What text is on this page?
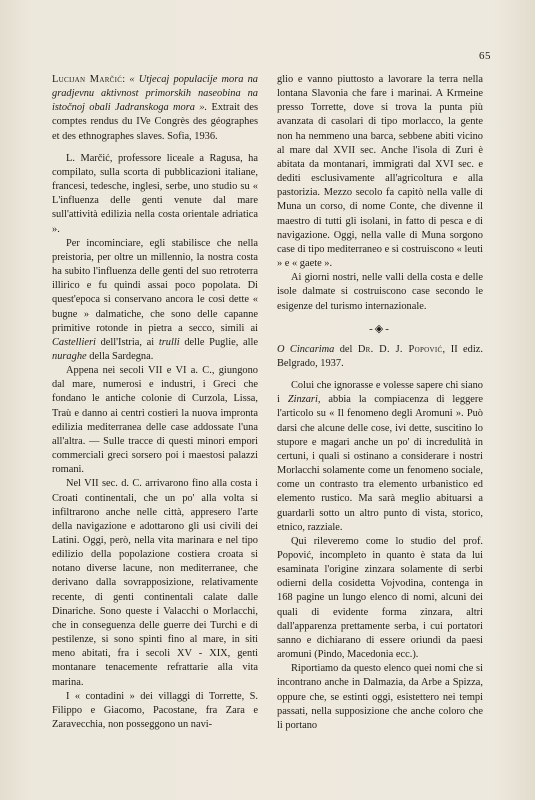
65

Lucijan Marčić: « Utjecaj populacije mora na gradjevnu aktivnost primorskih naseobina na istočnoj obali Jadranskoga mora ». Extrait des comptes rendus du IVe Congrès des géographes et des ethnographes slaves. Sofia, 1936.

L. Marčić, professore liceale a Ragusa, ha compilato, sulla scorta di pubblicazioni italiane, francesi, tedesche, inglesi, serbe, uno studio su « L'influenza delle genti venute dal mare sull'attività edilizia nella costa orientale adriatica ».

Per incominciare, egli stabilisce che nella preistoria, per oltre un millennio, la nostra costa ha subito l'influenza delle genti del suo retroterra illirico e fu quindi assai poco popolata. Di quest'epoca si conservano ancora le così dette « bugne » dalmatiche, che sono delle capanne primitive rotonde in pietra a secco, simili ai Castellieri dell'Istria, ai trulli delle Puglie, alle nuraghe della Sardegna.

Appena nei secoli VII e VI a. C., giungono dal mare, numerosi e industri, i Greci che fondano le antiche colonie di Curzola, Lissa, Traù e danno ai centri costieri la nuova impronta edilizia mediterranea delle case addossate l'una all'altra. — Sulle tracce di questi minori empori commerciali greci sorsero poi i maestosi palazzi romani.

Nel VII sec. d. C. arrivarono fino alla costa i Croati continentali, che un po' alla volta si infiltrarono anche nelle città, appresero l'arte della navigazione e adottarono gli usi civili dei Latini. Oggi, però, nella vita marinara e nel tipo edilizio della popolazione costiera croata si notano diverse lacune, non mediterranee, che derivano dalla sovrapposizione, relativamente recente, di genti continentali calate dalle Dinariche. Sono queste i Valacchi o Morlacchi, che in conseguenza delle guerre dei Turchi e di pestilenze, si sono spinti fino al mare, in siti meno abitati, fra i secoli XV - XIX, genti montanare tenacemente refrattarie alla vita marina.

I « contadini » dei villaggi di Torrette, S. Filippo e Giacomo, Pacostane, fra Zara e Zaravecchia, non posseggono un navi-

glio e vanno piuttosto a lavorare la terra nella lontana Slavonia che fare i marinai. A Krmeine presso Torrette, dove si trova la punta più avanzata di casolari di tipo morlacco, la gente non ha nemmeno una barca, sebbene abiti vicino al mare dal XVII sec. Anche l'isola di Zuri è abitata da montanari, immigrati dal XVI sec. e dediti esclusivamente all'agricoltura e alla pastorizia. Mezzo secolo fa capitò nella valle di Muna un corso, di nome Conte, che divenne il maestro di tutti gli isolani, in fatto di pesca e di navigazione. Oggi, nella valle di Muna sorgono case di tipo mediterraneo e si costruiscono « leuti » e « gaete ».

Ai giorni nostri, nelle valli della costa e delle isole dalmate si costruiscono case secondo le esigenze del turismo internazionale.

-◈-

O Cincarima del Dr. D. J. Popović, II ediz. Belgrado, 1937.

Colui che ignorasse e volesse sapere chi siano i Zinzari, abbia la compiacenza di leggere l'articolo su « Il fenomeno degli Aromuni ». Può darsi che alcune delle cose, ivi dette, suscitino lo stupore e magari anche un po' di incredulità in certuni, i quali si ostinano a considerare i nostri Morlacchi solamente come un fenomeno sociale, come un contrasto tra elemento urbanistico ed elemento rustico. Ma sarà meglio abituarsi a guardarli sotto un altro punto di vista, storico, etnico, razziale.

Qui rileveremo come lo studio del prof. Popović, incompleto in quanto è stata da lui esaminata l'origine zinzara solamente di serbi odierni della cosidetta Vojvodina, contenga in 168 pagine un lungo elenco di nomi, alcuni dei quali di evidente forma zinzara, altri dall'apparenza prettamente serba, i cui portatori sanno e dichiarano di essere oriundi da paesi aromuni (Pindo, Macedonia ecc.).

Riportiamo da questo elenco quei nomi che si incontrano anche in Dalmazia, da Arbe a Spizza, oppure che, se estinti oggi, esistettero nei tempi passati, nella supposizione che anche coloro che li portano
